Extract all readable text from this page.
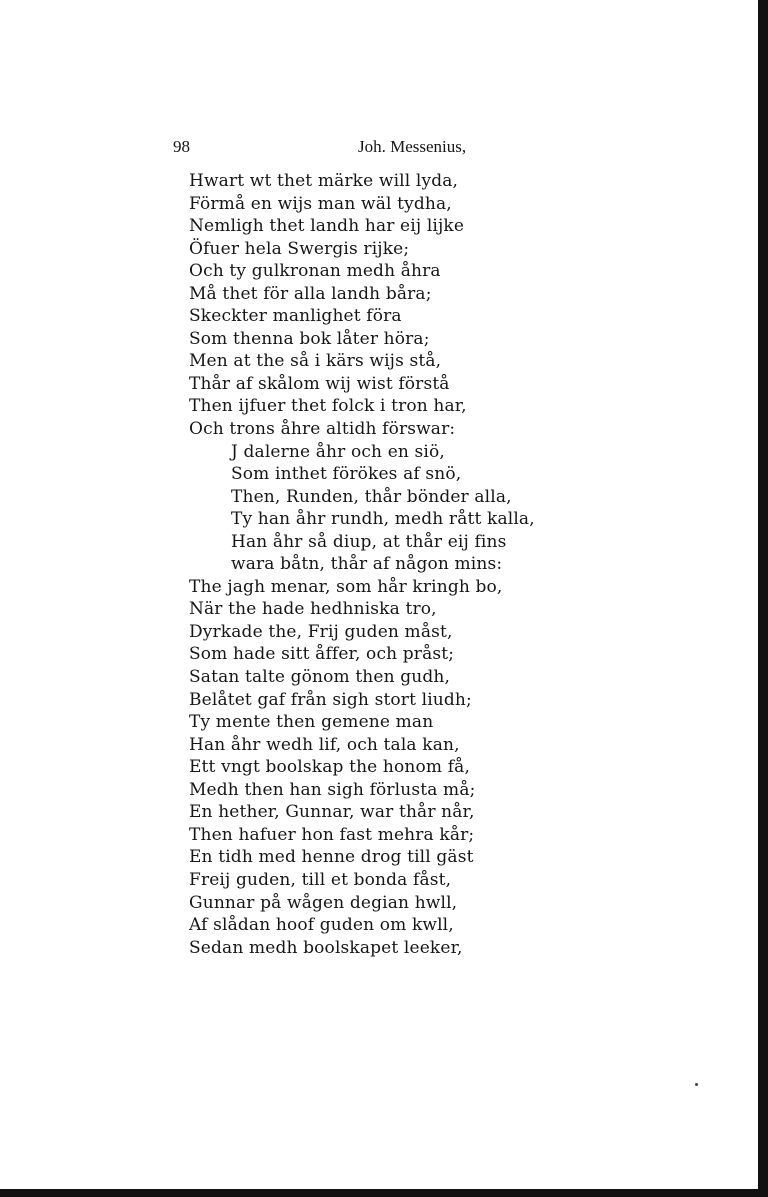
98	Joh. Messenius,
Hwart wt thet märke will lyda,
Förmå en wijs man wäl tydha,
Nemligh thet landh har eij lijke
Öfuer hela Swergis rijke;
Och ty gulkronan medh åhra
Må thet för alla landh båra;
Skeckter manlighet föra
Som thenna bok låter höra;
Men at the så i kärs wijs stå,
Thår af skålom wij wist förstå
Then ijfuer thet folck i tron har,
Och trons åhre altidh förswar:
J dalerne åhr och en siö,
Som inthet förökes af snö,
Then, Runden, thår bönder alla,
Ty han åhr rundh, medh rått kalla,
Han åhr så diup, at thår eij fins
wara båtn, thår af någon mins:
The jagh menar, som hår kringh bo,
När the hade hedhniska tro,
Dyrkade the, Frij guden måst,
Som hade sitt åffer, och pråst;
Satan talte gönom then gudh,
Belåtet gaf från sigh stort liudh;
Ty mente then gemene man
Han åhr wedh lif, och tala kan,
Ett vngt boolskap the honom få,
Medh then han sigh förlusta må;
En hether, Gunnar, war thår når,
Then hafuer hon fast mehra kår;
En tidh med henne drog till gäst
Freij guden, till et bonda fåst,
Gunnar på wågen degian hwll,
Af slådan hoof guden om kwll,
Sedan medh boolskapet leeker,
